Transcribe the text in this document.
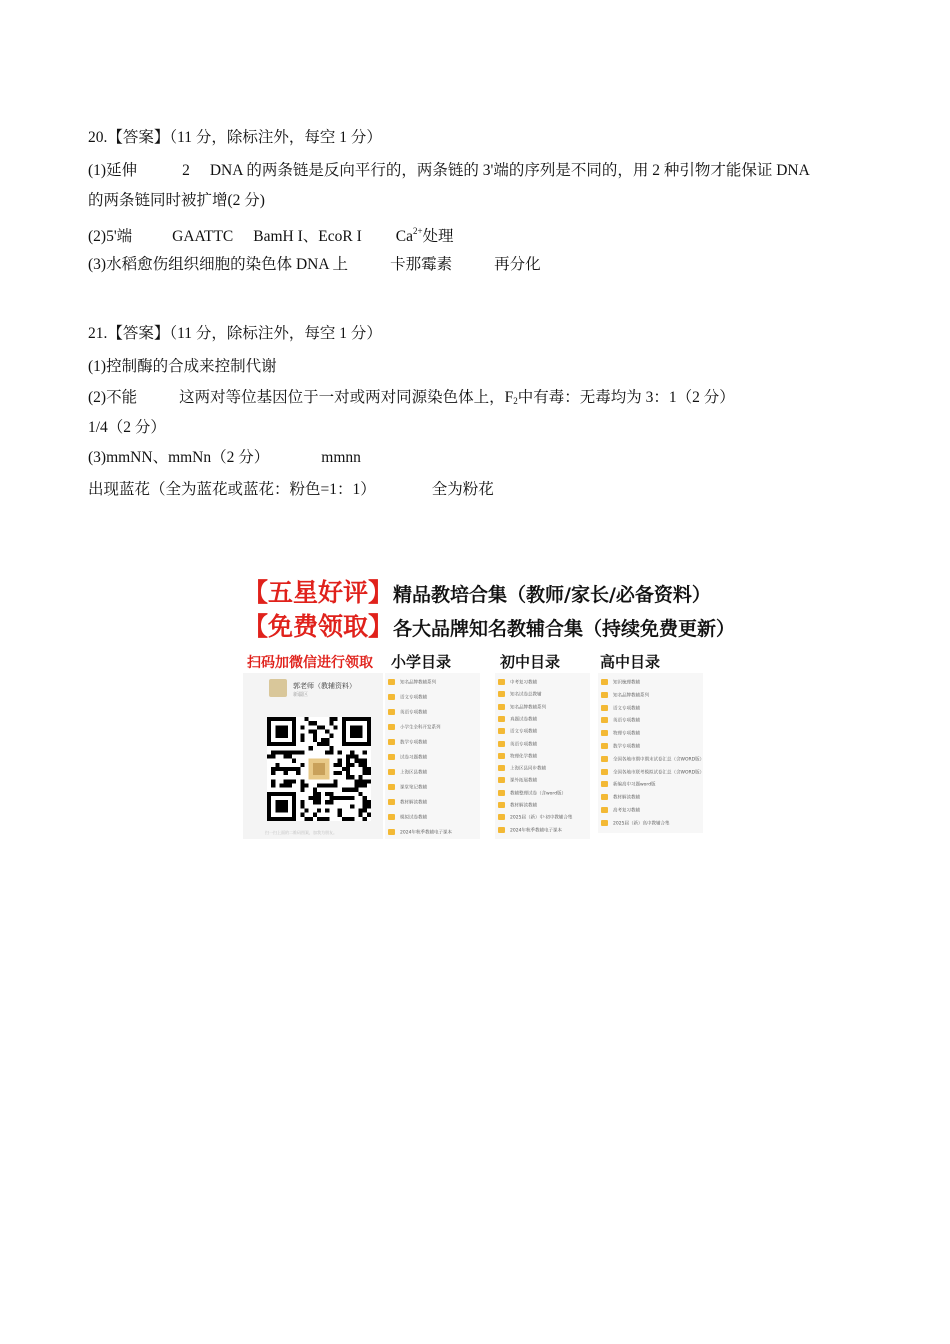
20.【答案】（11 分，除标注外，每空 1 分）
(1)延伸	2 DNA 的两条链是反向平行的，两条链的 3'端的序列是不同的，用 2 种引物才能保证 DNA
的两条链同时被扩增(2 分)
(2)5'端	GAATTC BamH I、EcoR I $Ca^{2+}$处理
(3)水稻愈伤组织细胞的染色体 DNA 上	卡那霉素	再分化
21.【答案】（11 分，除标注外，每空 1 分）
(1)控制酶的合成来控制代谢
(2)不能	这两对等位基因位于一对或两对同源染色体上，$F_2$中有毒：无毒均为 3：1（2 分）
1/4（2 分）
(3)mmNN、mmNn（2 分）	mmnn
出现蓝花（全为蓝花或蓝花：粉色=1：1）	全为粉花
【五星好评】精品教培合集（教师/家长/必备资料）
【免费领取】各大品牌知名教辅合集（持续免费更新）
扫码加微信进行领取 小学目录	初中目录	高中目录
郭老师（教辅资料）
新疆区
扫一扫上面的二维码图案，加我为朋友。
知名品牌教辅系列
语文专项教辅
英语专项教辅
小学生全科开发系列
数学专项教辅
试卷习题教辅
上海区县教辅
课堂笔记教辅
教材解读教辅
模拟试卷教辅
2024年秋季教辅电子课本
中考复习教辅
知名试卷总教辅
知名品牌教辅系列
真题试卷教辅
语文专项教辅
英语专项教辅
物理化学教辅
上海区县同步教辅
课外拓展教辅
教辅整理试卷（含word版）
教材解读教辅
2025届（新）中·初中教辅合集
2024年秋季教辅电子课本
知识梳理教辅
知名品牌教辅系列
语文专项教辅
英语专项教辅
物理专项教辅
数学专项教辅
全国各地市期中期末试卷汇总（含WORD版）
全国各地市联考模拟试卷汇总（含WORD版）
新编高中习题word版
教材解读教辅
高考复习教辅
2025届（新）高中教辅合集
